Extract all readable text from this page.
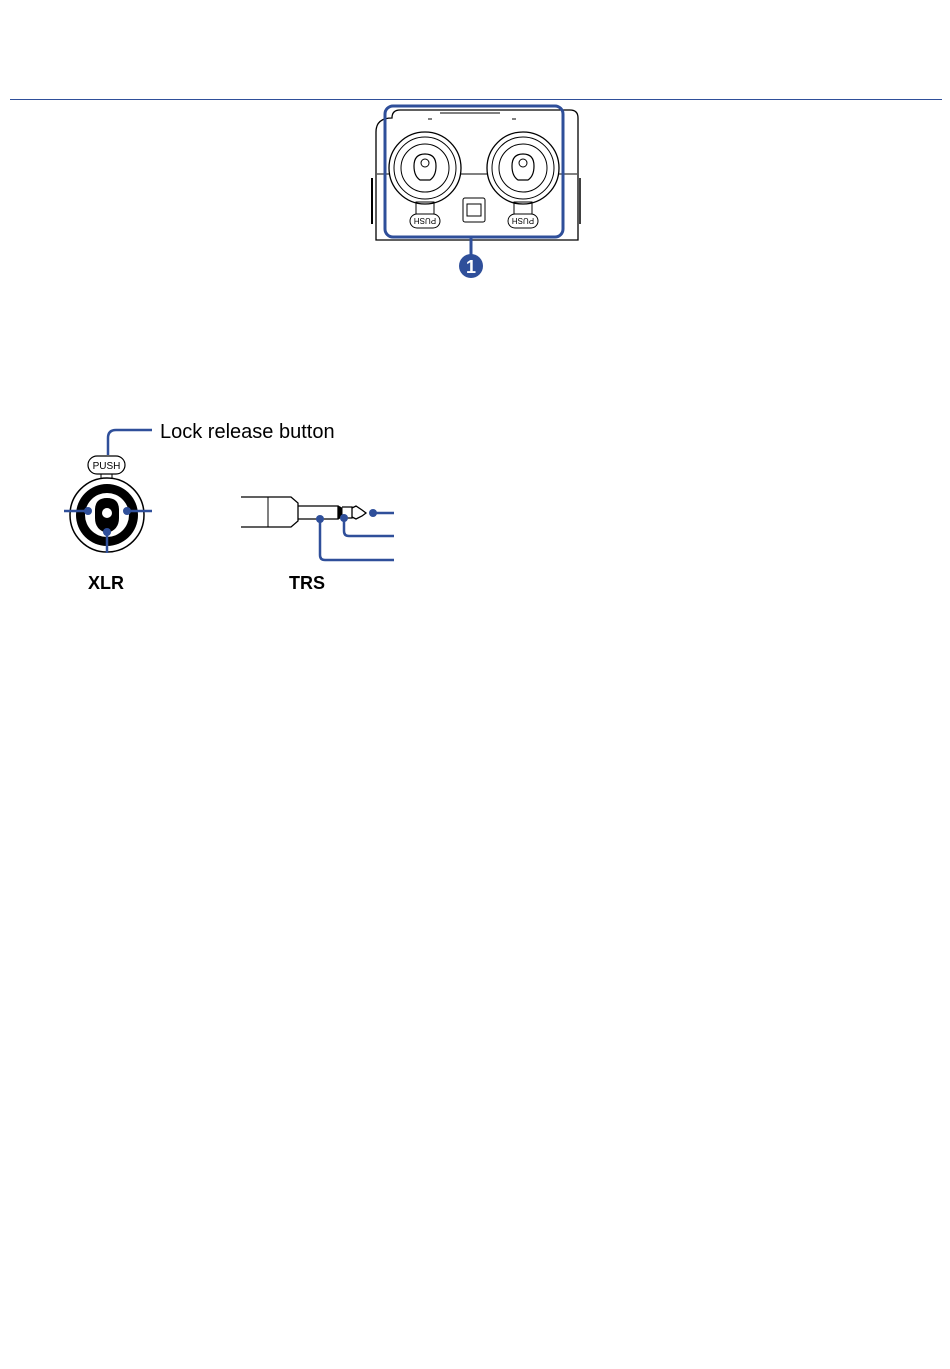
PUSH	PUSH
1
PUSH
Lock release button
XLR	TRS
